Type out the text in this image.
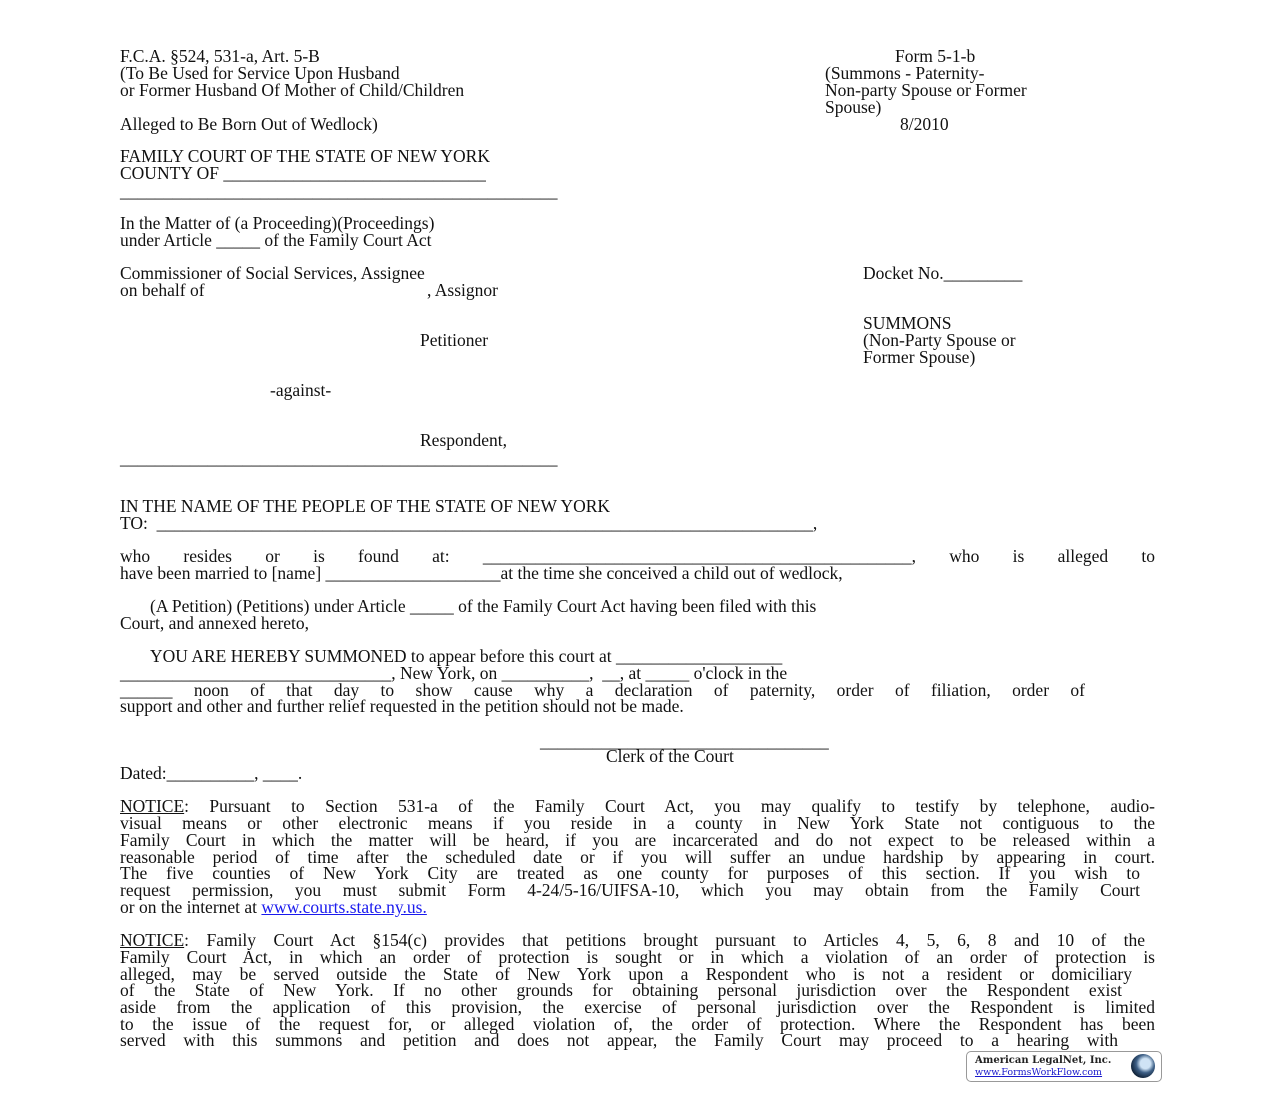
F.C.A. §524, 531-a, Art. 5-B
(To Be Used for Service Upon Husband
or Former Husband Of Mother of Child/Children
Alleged to Be Born Out of Wedlock)
Form 5-1-b
(Summons - Paternity-
Non-party Spouse or Former
Spouse)
8/2010
FAMILY COURT OF THE STATE OF NEW YORK
COUNTY OF ______________________________
__________________________________________________
In the Matter of (a Proceeding)(Proceedings)
under Article _____ of the Family Court Act
Commissioner of Social Services, Assignee
on behalf of	, Assignor
Docket No._________
Petitioner
SUMMONS
(Non-Party Spouse or
Former Spouse)
-against-
Respondent,
__________________________________________________
IN THE NAME OF THE PEOPLE OF THE STATE OF NEW YORK
TO:  ___________________________________________________________________________,
who resides or is found at: _________________________________________________, who is alleged to
have been married to [name] ____________________at the time she conceived a child out of wedlock,
(A Petition) (Petitions) under Article _____ of the Family Court Act having been filed with this
Court, and annexed hereto,
YOU ARE HEREBY SUMMONED to appear before this court at ___________________
_______________________________, New York, on __________,  __, at _____ o'clock in the
______ noon of that day to show cause why a declaration of paternity, order of filiation, order of
support and other and further relief requested in the petition should not be made.
_________________________________
Clerk of the Court
Dated:__________, ____.
NOTICE: Pursuant to Section 531-a of the Family Court Act, you may qualify to testify by telephone, audio-
visual means or other electronic means if you reside in a county in New York State not contiguous to the
Family Court in which the matter will be heard, if you are incarcerated and do not expect to be released within a
reasonable period of time after the scheduled date or if you will suffer an undue hardship by appearing in court.
The five counties of New York City are treated as one county for purposes of this section. If you wish to
request permission, you must submit Form 4-24/5-16/UIFSA-10, which you may obtain from the Family Court
or on the internet at www.courts.state.ny.us.
NOTICE: Family Court Act §154(c) provides that petitions brought pursuant to Articles 4, 5, 6, 8 and 10 of the
Family Court Act, in which an order of protection is sought or in which a violation of an order of protection is
alleged, may be served outside the State of New York upon a Respondent who is not a resident or domiciliary
of the State of New York. If no other grounds for obtaining personal jurisdiction over the Respondent exist
aside from the application of this provision, the exercise of personal jurisdiction over the Respondent is limited
to the issue of the request for, or alleged violation of, the order of protection. Where the Respondent has been
served with this summons and petition and does not appear, the Family Court may proceed to a hearing with
American LegalNet, Inc.
www.FormsWorkFlow.com
